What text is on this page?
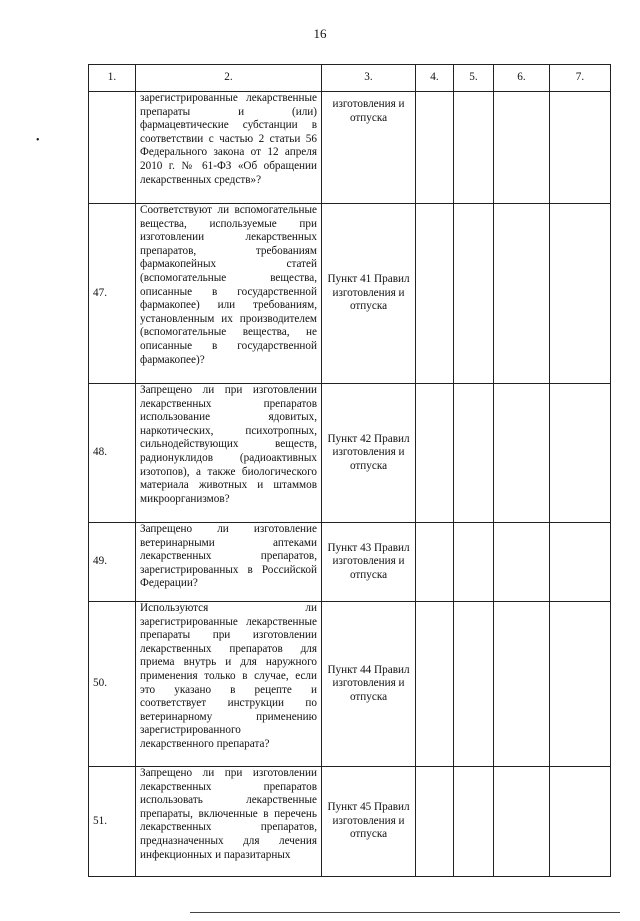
16
•
1.	2.	3.	4.	5.	6.	7.
	зарегистрированные лекарственные препараты и (или) фармацевтические субстанции в соответствии с частью 2 статьи 56 Федерального закона от 12 апреля 2010 г. № 61-ФЗ «Об обращении лекарственных средств»?	изготовления и отпуска				
47.	Соответствуют ли вспомогательные вещества, используемые при изготовлении лекарственных препаратов, требованиям фармакопейных статей (вспомогательные вещества, описанные в государственной фармакопее) или требованиям, установленным их производителем (вспомогательные вещества, не описанные в государственной фармакопее)?	Пункт 41 Правил изготовления и отпуска				
48.	Запрещено ли при изготовлении лекарственных препаратов использование ядовитых, наркотических, психотропных, сильнодействующих веществ, радионуклидов (радиоактивных изотопов), а также биологического материала животных и штаммов микроорганизмов?	Пункт 42 Правил изготовления и отпуска				
49.	Запрещено ли изготовление ветеринарными аптеками лекарственных препаратов, зарегистрированных в Российской Федерации?	Пункт 43 Правил изготовления и отпуска				
50.	Используются ли зарегистрированные лекарственные препараты при изготовлении лекарственных препаратов для приема внутрь и для наружного применения только в случае, если это указано в рецепте и соответствует инструкции по ветеринарному применению зарегистрированного лекарственного препарата?	Пункт 44 Правил изготовления и отпуска				
51.	Запрещено ли при изготовлении лекарственных препаратов использовать лекарственные препараты, включенные в перечень лекарственных препаратов, предназначенных для лечения инфекционных и паразитарных	Пункт 45 Правил изготовления и отпуска				
